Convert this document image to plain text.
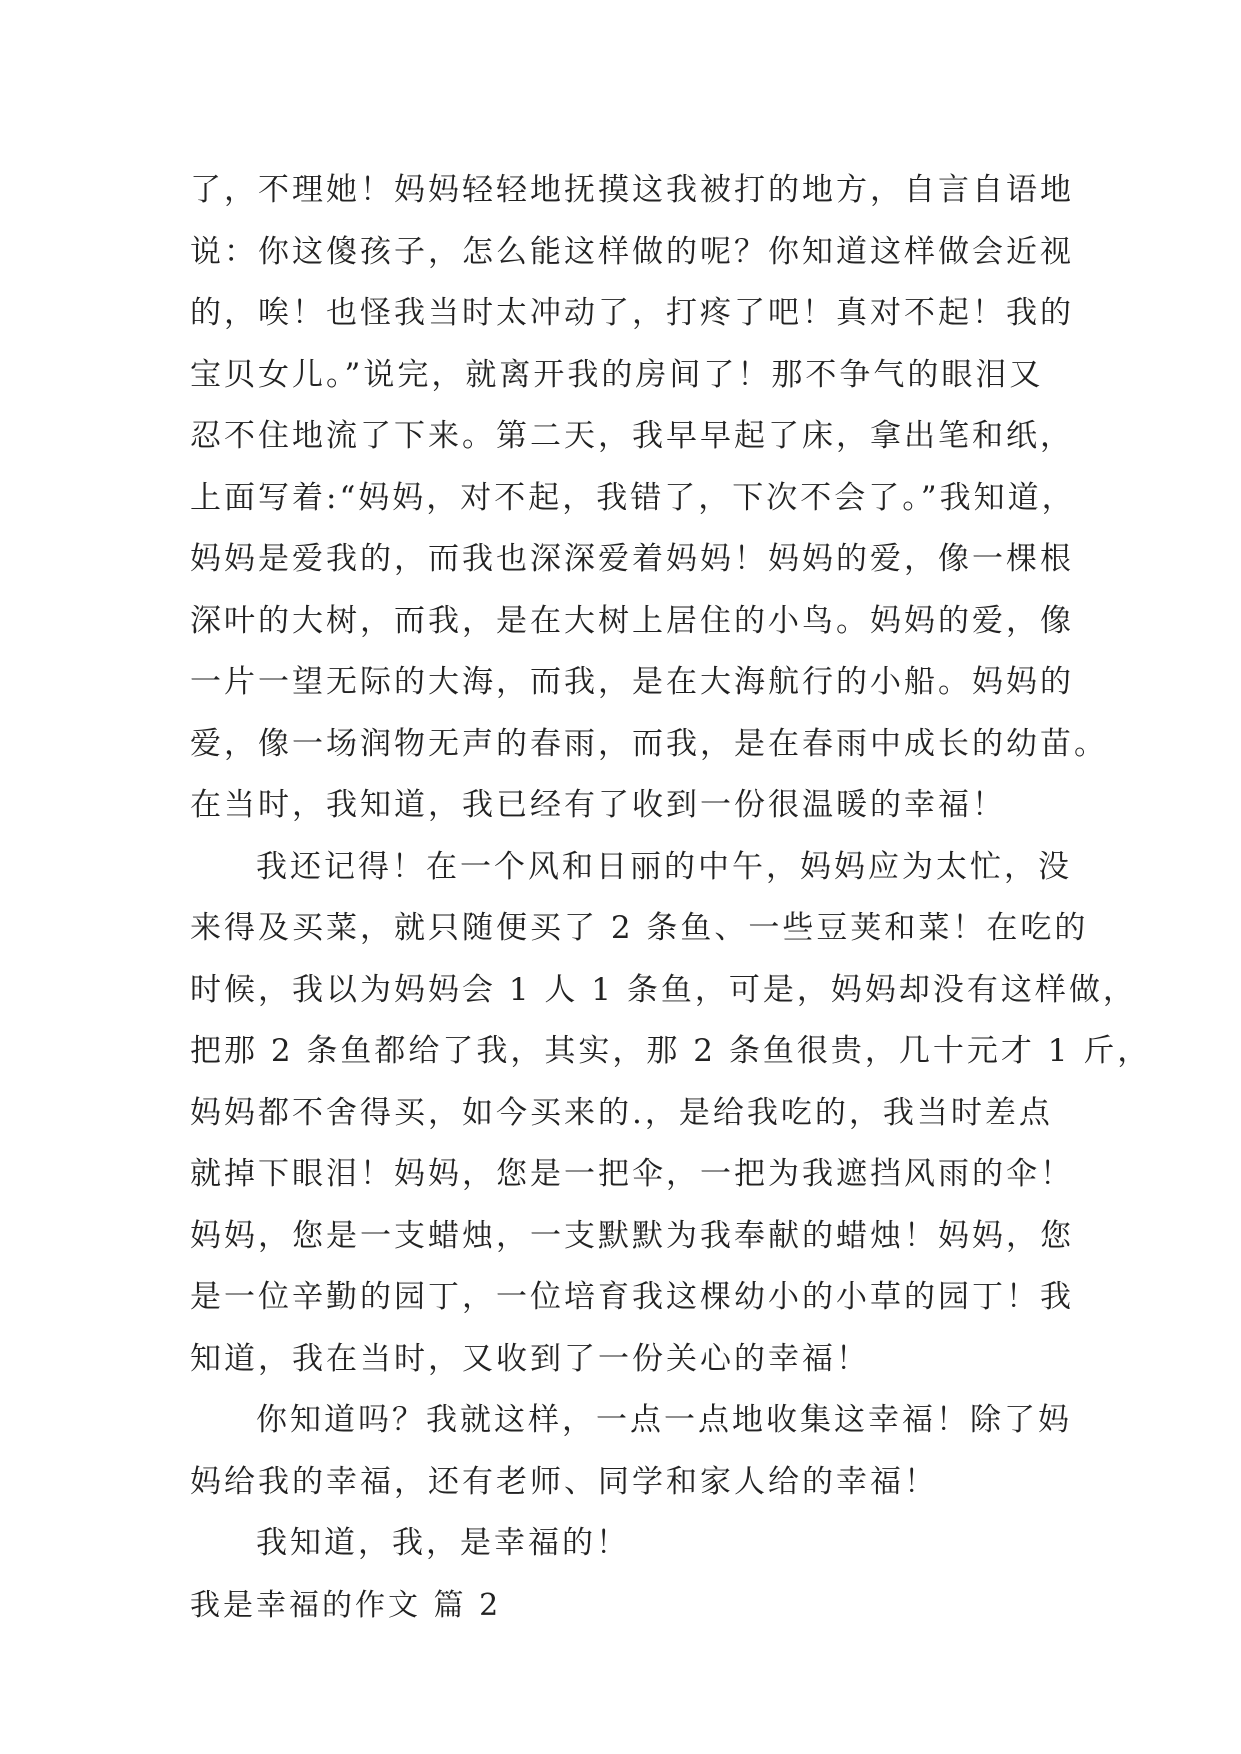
了，不理她！妈妈轻轻地抚摸这我被打的地方，自言自语地
说：你这傻孩子，怎么能这样做的呢？你知道这样做会近视
的，唉！也怪我当时太冲动了，打疼了吧！真对不起！我的
宝贝女儿。”说完，就离开我的房间了！那不争气的眼泪又
忍不住地流了下来。第二天，我早早起了床，拿出笔和纸，
上面写着:“妈妈，对不起，我错了，下次不会了。”我知道，
妈妈是爱我的，而我也深深爱着妈妈！妈妈的爱，像一棵根
深叶的大树，而我，是在大树上居住的小鸟。妈妈的爱，像
一片一望无际的大海，而我，是在大海航行的小船。妈妈的
爱，像一场润物无声的春雨，而我，是在春雨中成长的幼苗。
在当时，我知道，我已经有了收到一份很温暖的幸福！
我还记得！在一个风和日丽的中午，妈妈应为太忙，没
来得及买菜，就只随便买了 2 条鱼、一些豆荚和菜！在吃的
时候，我以为妈妈会 1 人 1 条鱼，可是，妈妈却没有这样做，
把那 2 条鱼都给了我，其实，那 2 条鱼很贵，几十元才 1 斤，
妈妈都不舍得买，如今买来的.，是给我吃的，我当时差点
就掉下眼泪！妈妈，您是一把伞，一把为我遮挡风雨的伞！
妈妈，您是一支蜡烛，一支默默为我奉献的蜡烛！妈妈，您
是一位辛勤的园丁，一位培育我这棵幼小的小草的园丁！我
知道，我在当时，又收到了一份关心的幸福！
你知道吗？我就这样，一点一点地收集这幸福！除了妈
妈给我的幸福，还有老师、同学和家人给的幸福！
我知道，我，是幸福的！
我是幸福的作文 篇 2
